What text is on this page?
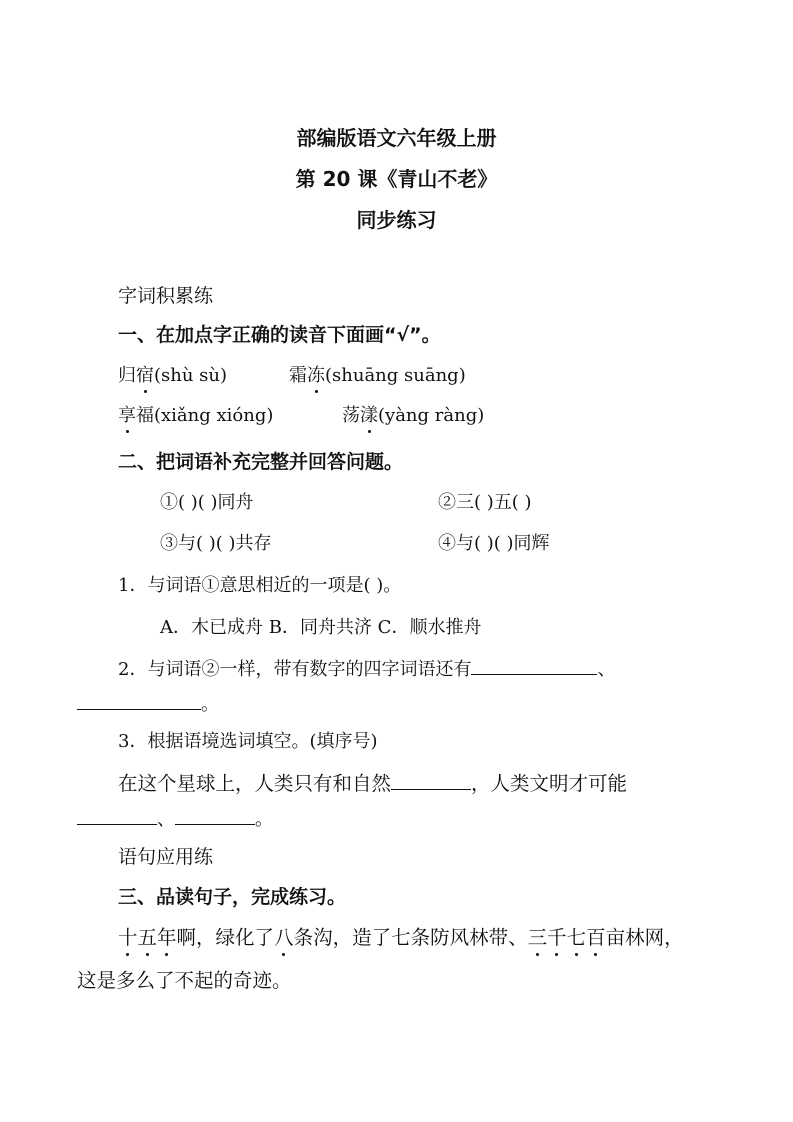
部编版语文六年级上册
第 20 课《青山不老》
同步练习
字词积累练
一、在加点字正确的读音下面画“√”。
归宿(shù sù)	霜冻(shuāng suāng)
享福(xiǎng xióng)	荡漾(yàng ràng)
二、把词语补充完整并回答问题。
①( )( )同舟	②三( )五( )
③与( )( )共存	④与( )( )同辉
1．与词语①意思相近的一项是( )。
A．木已成舟 B．同舟共济 C．顺水推舟
2．与词语②一样，带有数字的四字词语还有	、
。
3．根据语境选词填空。(填序号)
在这个星球上，人类只有和自然	，人类文明才可能
、	。
语句应用练
三、品读句子，完成练习。
十五年啊，绿化了八条沟，造了七条防风林带、三千七百亩林网，
这是多么了不起的奇迹。
